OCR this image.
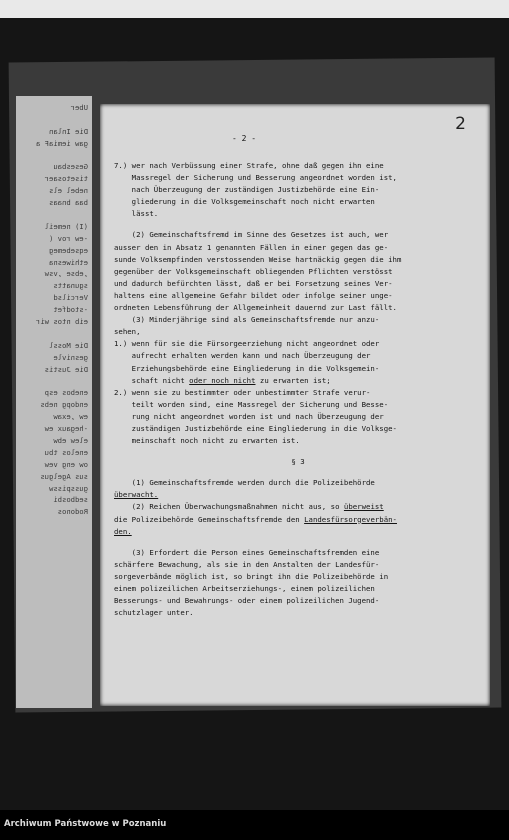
Uber
Die Inlan
gaw iemiaF a
Gesesbau
tisetosaer
nebel els
baa bnaas
(I) nemeil
-ew rov (
eqsebemeg
ethiwesna
,ebse ,vsw
sgunatts
Vercilsd
-stodfet
eib ntos wir
Die Mossl
gesnivle
Die Justis
enebos esp
endopg nebs
ew ,exaw
-hegaux ew
elew ebw
enelos tbu
ow eng vew
sus Agelgus
gusspissw
sedbosbi
Rodonos
- 2 -
2

7.) wer nach Verbüssung einer Strafe, ohne daß gegen ihn eine

Massregel der Sicherung und Besserung angeordnet worden ist,

nach Überzeugung der zuständigen Justizbehörde eine Ein-

gliederung in die Volksgemeinschaft noch nicht erwarten

lässt.

(2) Gemeinschaftsfremd im Sinne des Gesetzes ist auch, wer

ausser den in Absatz 1 genannten Fällen in einer gegen das ge-

sunde Volksempfinden verstossenden Weise hartnäckig gegen die ihm

gegenüber der Volksgemeinschaft obliegenden Pflichten verstösst

und dadurch befürchten lässt, daß er bei Forsetzung seines Ver-

haltens eine allgemeine Gefahr bildet oder infolge seiner unge-

ordneten Lebensführung der Allgemeinheit dauernd zur Last fällt.

(3) Minderjährige sind als Gemeinschaftsfremde nur anzu-

sehen,

1.) wenn für sie die Fürsorgeerziehung nicht angeordnet oder

aufrecht erhalten werden kann und nach Überzeugung der

Erziehungsbehörde eine Eingliederung in die Volksgemein-

schaft nicht oder noch nicht zu erwarten ist;

2.) wenn sie zu bestimmter oder unbestimmter Strafe verur-

teilt worden sind, eine Massregel der Sicherung und Besse-

rung nicht angeordnet worden ist und nach Überzeugung der

zuständigen Justizbehörde eine Eingliederung in die Volksge-

meinschaft noch nicht zu erwarten ist.

§ 3

(1) Gemeinschaftsfremde werden durch die Polizeibehörde

überwacht.

(2) Reichen Überwachungsmaßnahmen nicht aus, so überweist

die Polizeibehörde Gemeinschaftsfremde den Landesfürsorgeverbän-

den.

(3) Erfordert die Person eines Gemeinschaftsfremden eine

schärfere Bewachung, als sie in den Anstalten der Landesfür-

sorgeverbände möglich ist, so bringt ihn die Polizeibehörde in

einem polizeilichen Arbeitserziehungs-, einem polizeilichen

Besserungs- und Bewahrungs- oder einem polizeilichen Jugend-

schutzlager unter.

Archiwum Państwowe w Poznaniu
